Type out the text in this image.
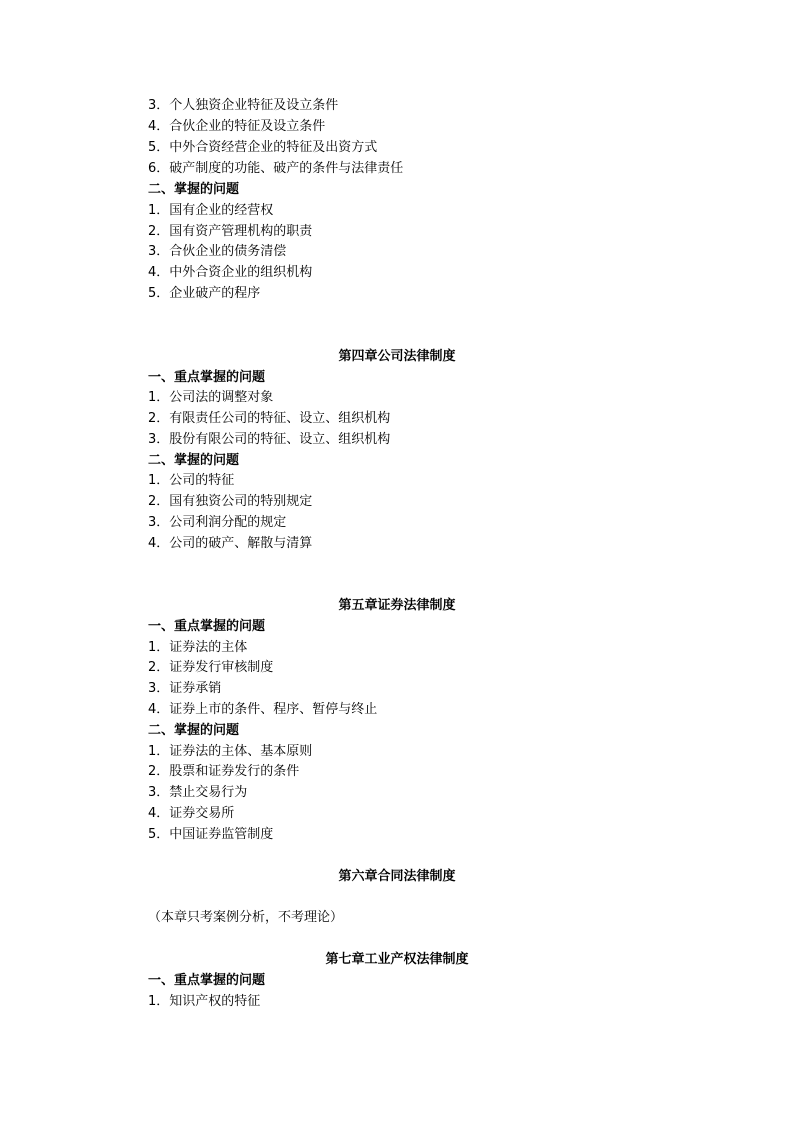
3．个人独资企业特征及设立条件
4．合伙企业的特征及设立条件
5．中外合资经营企业的特征及出资方式
6．破产制度的功能、破产的条件与法律责任
二、掌握的问题
1．国有企业的经营权
2．国有资产管理机构的职责
3．合伙企业的债务清偿
4．中外合资企业的组织机构
5．企业破产的程序
第四章公司法律制度
一、重点掌握的问题
1．公司法的调整对象
2．有限责任公司的特征、设立、组织机构
3．股份有限公司的特征、设立、组织机构
二、掌握的问题
1．公司的特征
2．国有独资公司的特别规定
3．公司利润分配的规定
4．公司的破产、解散与清算
第五章证券法律制度
一、重点掌握的问题
1．证券法的主体
2．证券发行审核制度
3．证券承销
4．证券上市的条件、程序、暂停与终止
二、掌握的问题
1．证券法的主体、基本原则
2．股票和证券发行的条件
3．禁止交易行为
4．证券交易所
5．中国证券监管制度
第六章合同法律制度
（本章只考案例分析，不考理论）
第七章工业产权法律制度
一、重点掌握的问题
1．知识产权的特征
